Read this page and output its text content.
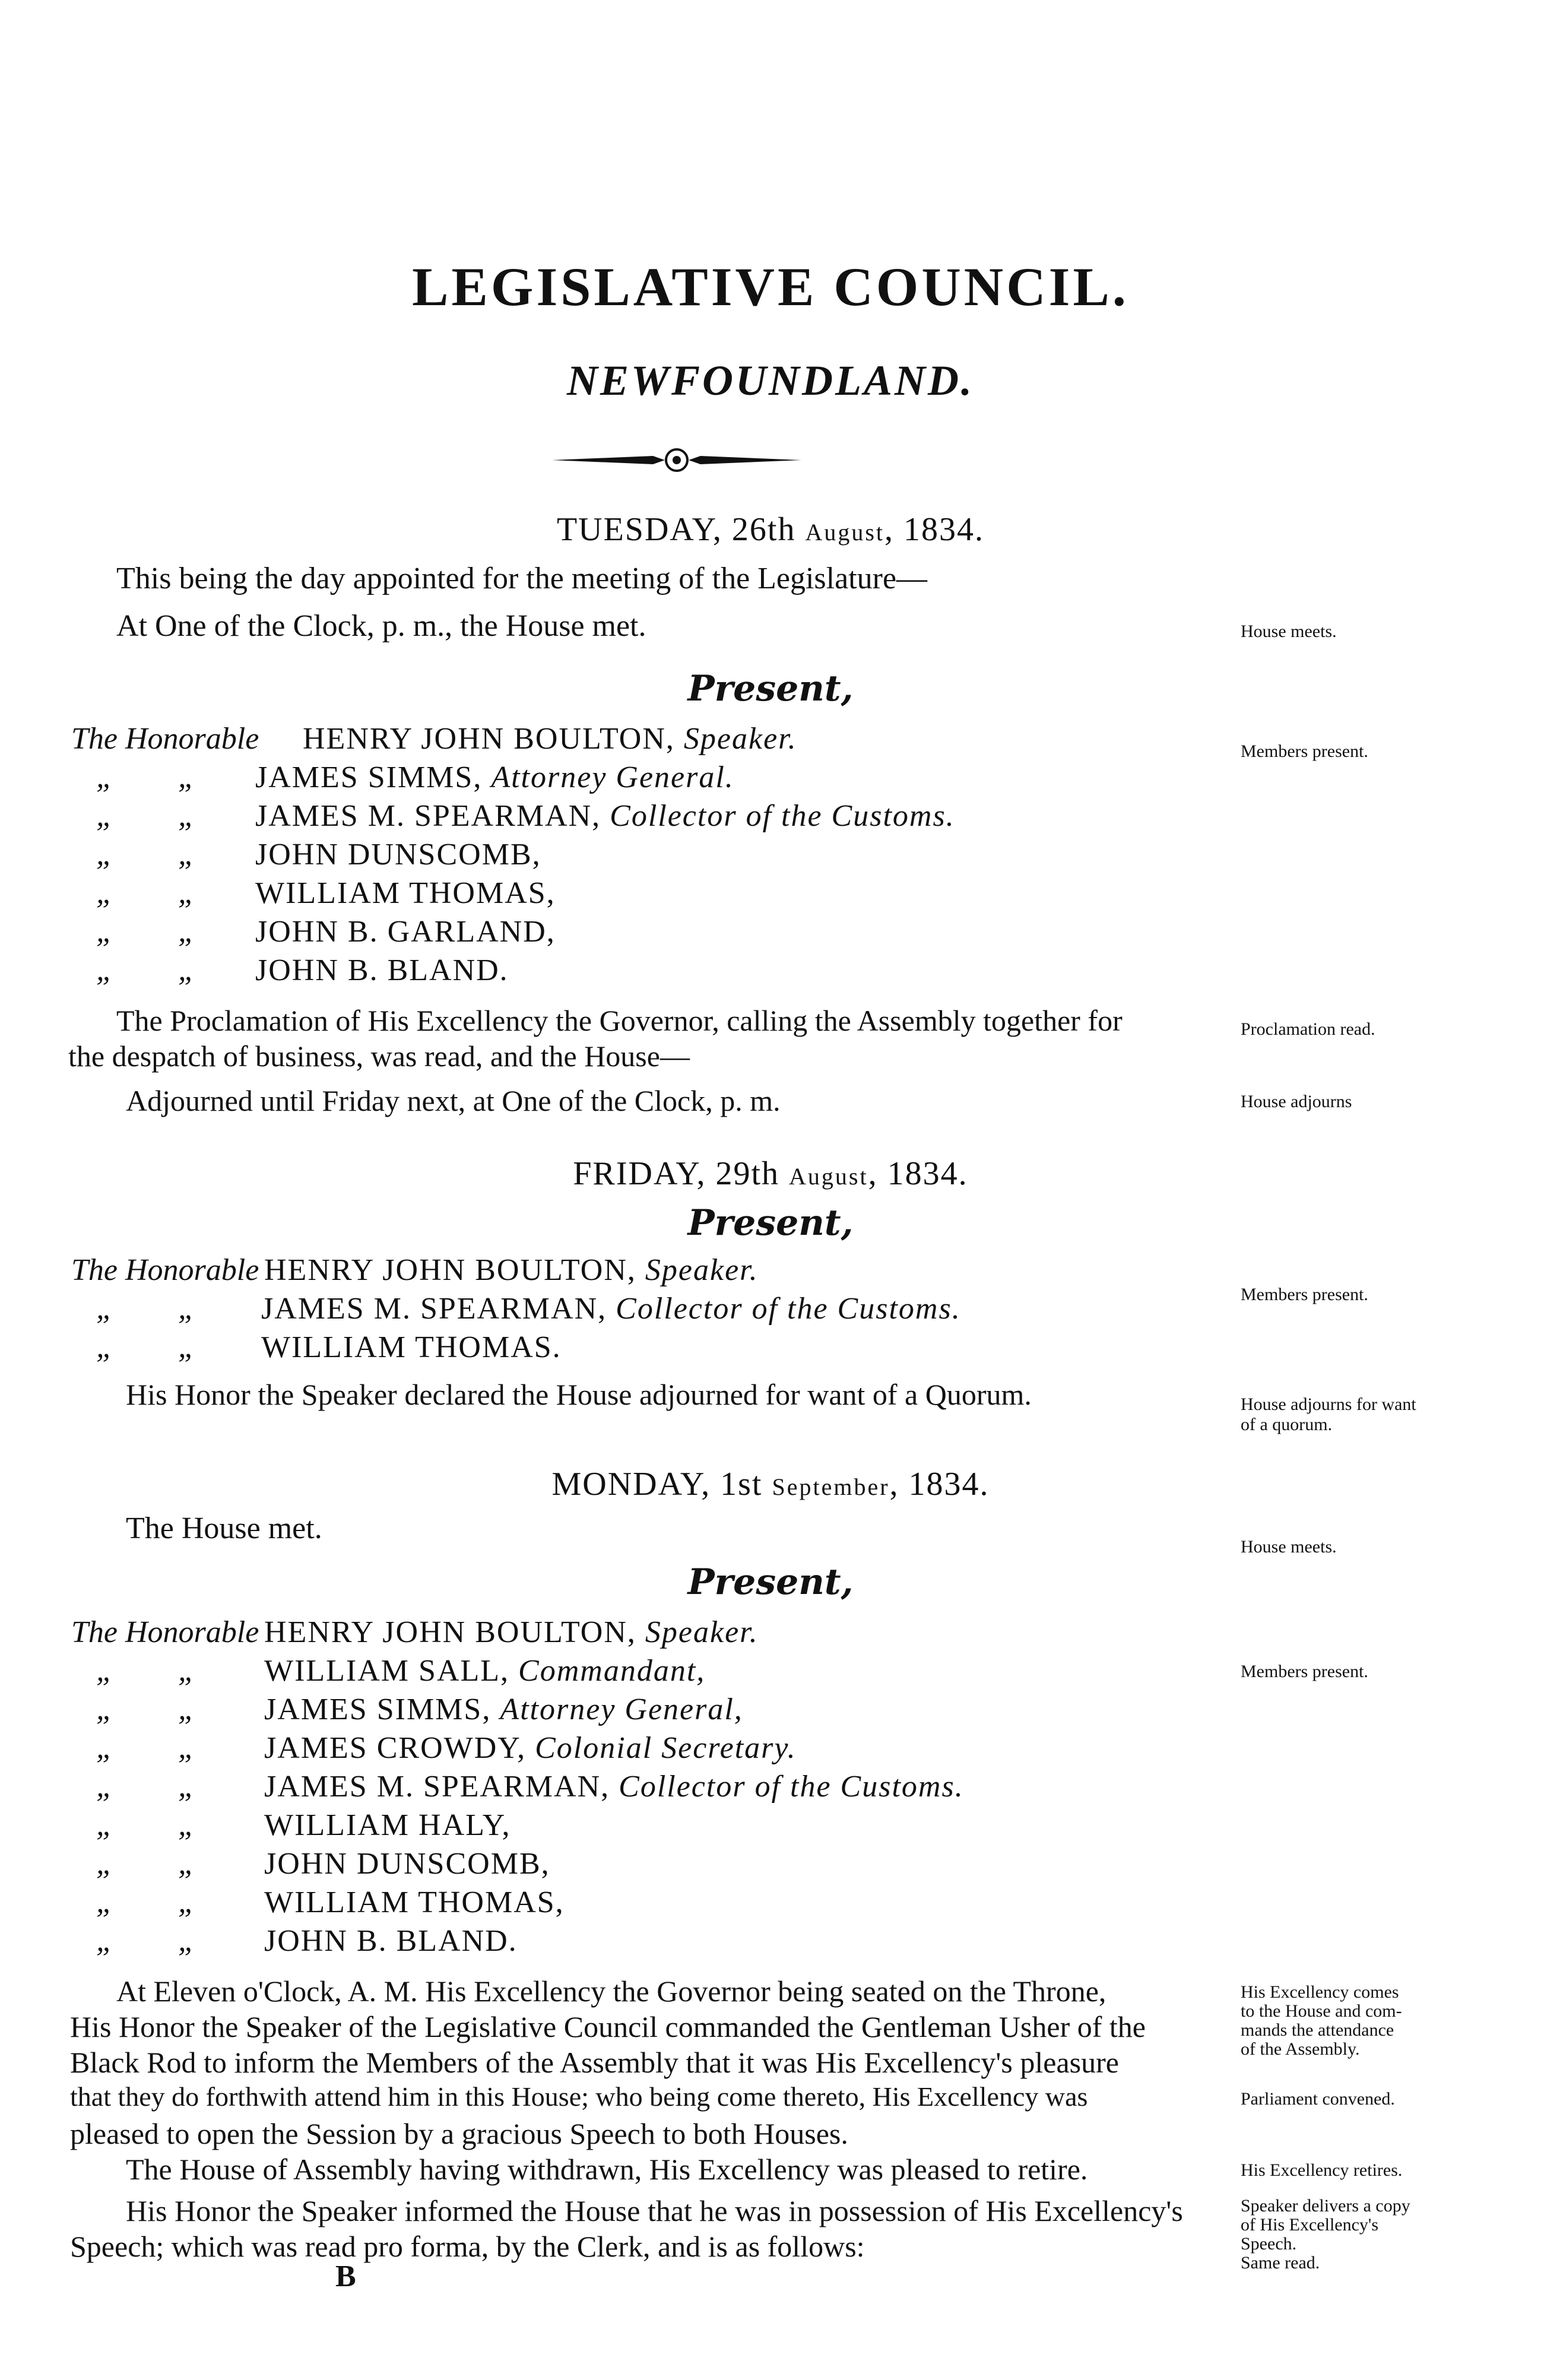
LEGISLATIVE COUNCIL.
NEWFOUNDLAND.
TUESDAY, 26th August, 1834.
This being the day appointed for the meeting of the Legislature—
At One of the Clock, p. m., the House met.	House meets.
Present,
The Honorable HENRY JOHN BOULTON, Speaker.	Members present.
„ „ JAMES SIMMS, Attorney General.
„ „ JAMES M. SPEARMAN, Collector of the Customs.
„ „ JOHN DUNSCOMB,
„ „ WILLIAM THOMAS,
„ „ JOHN B. GARLAND,
„ „ JOHN B. BLAND.
The Proclamation of His Excellency the Governor, calling the Assembly together for
the despatch of business, was read, and the House—
Proclamation read.
Adjourned until Friday next, at One of the Clock, p. m.	House adjourns
FRIDAY, 29th August, 1834.
Present,
The Honorable HENRY JOHN BOULTON, Speaker.
„ „ JAMES M. SPEARMAN, Collector of the Customs.	Members present.
„ „ WILLIAM THOMAS.
His Honor the Speaker declared the House adjourned for want of a Quorum.	House adjourns for want
of a quorum.
MONDAY, 1st September, 1834.
The House met.
House meets.
Present,
The Honorable HENRY JOHN BOULTON, Speaker.
„ „ WILLIAM SALL, Commandant,	Members present.
„ „ JAMES SIMMS, Attorney General,
„ „ JAMES CROWDY, Colonial Secretary.
„ „ JAMES M. SPEARMAN, Collector of the Customs.
„ „ WILLIAM HALY,
„ „ JOHN DUNSCOMB,
„ „ WILLIAM THOMAS,
„ „ JOHN B. BLAND.
At Eleven o'Clock, A. M. His Excellency the Governor being seated on the Throne,
His Honor the Speaker of the Legislative Council commanded the Gentleman Usher of the
Black Rod to inform the Members of the Assembly that it was His Excellency's pleasure
that they do forthwith attend him in this House; who being come thereto, His Excellency was
pleased to open the Session by a gracious Speech to both Houses.
His Excellency comes
to the House and com-
mands the attendance
of the Assembly.
Parliament convened.
The House of Assembly having withdrawn, His Excellency was pleased to retire.	His Excellency retires.
His Honor the Speaker informed the House that he was in possession of His Excellency's
Speech; which was read pro forma, by the Clerk, and is as follows:
Speaker delivers a copy
of His Excellency's
Speech.
Same read.
B
